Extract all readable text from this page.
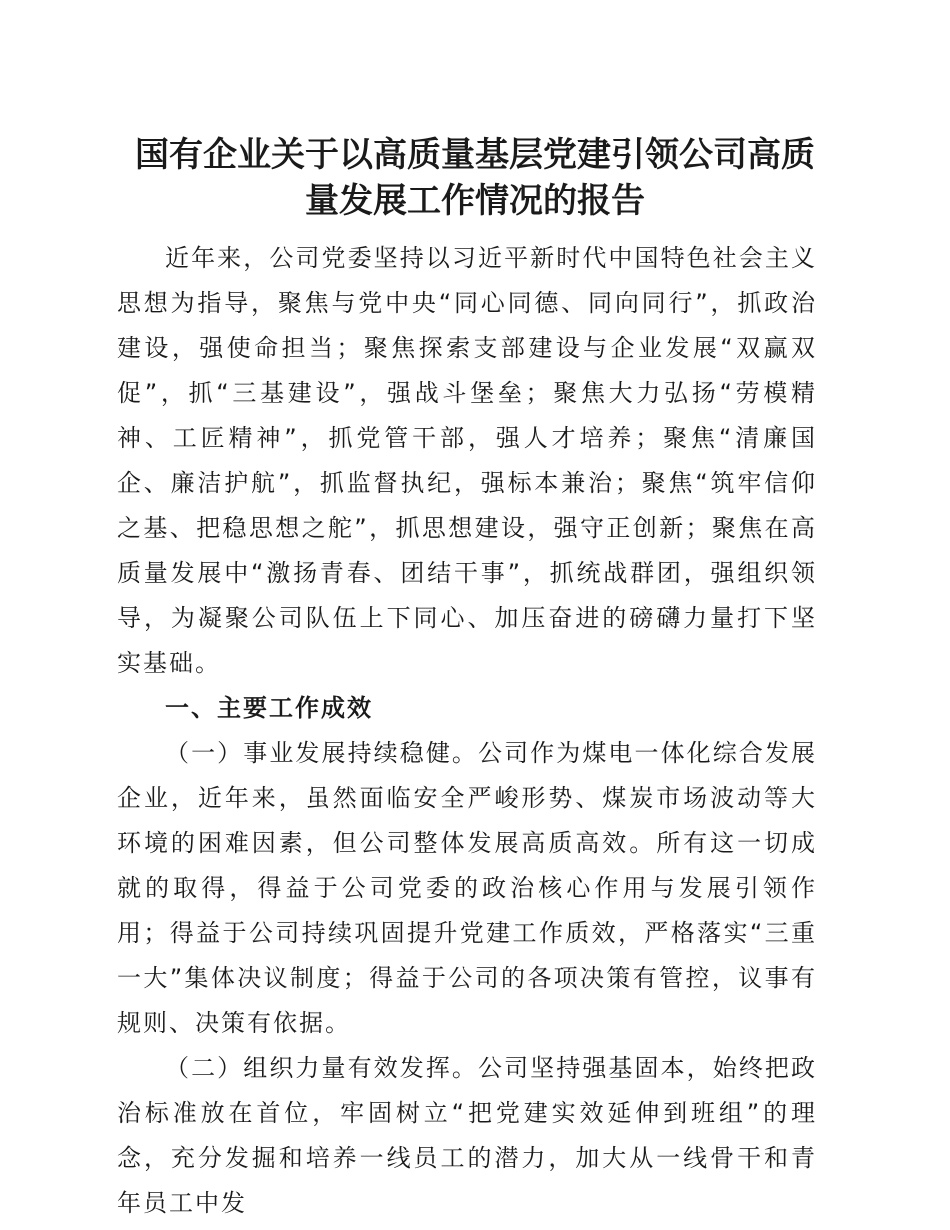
国有企业关于以高质量基层党建引领公司高质
量发展工作情况的报告

近年来，公司党委坚持以习近平新时代中国特色社会主义思想为指导，聚焦与党中央“同心同德、同向同行”，抓政治建设，强使命担当；聚焦探索支部建设与企业发展“双赢双促”，抓“三基建设”，强战斗堡垒；聚焦大力弘扬“劳模精神、工匠精神”，抓党管干部，强人才培养；聚焦“清廉国企、廉洁护航”，抓监督执纪，强标本兼治；聚焦“筑牢信仰之基、把稳思想之舵”，抓思想建设，强守正创新；聚焦在高质量发展中“激扬青春、团结干事”，抓统战群团，强组织领导，为凝聚公司队伍上下同心、加压奋进的磅礴力量打下坚实基础。

一、主要工作成效

（一）事业发展持续稳健。公司作为煤电一体化综合发展企业，近年来，虽然面临安全严峻形势、煤炭市场波动等大环境的困难因素，但公司整体发展高质高效。所有这一切成就的取得，得益于公司党委的政治核心作用与发展引领作用；得益于公司持续巩固提升党建工作质效，严格落实“三重一大”集体决议制度；得益于公司的各项决策有管控，议事有规则、决策有依据。

（二）组织力量有效发挥。公司坚持强基固本，始终把政治标准放在首位，牢固树立“把党建实效延伸到班组”的理念，充分发掘和培养一线员工的潜力，加大从一线骨干和青年员工中发
